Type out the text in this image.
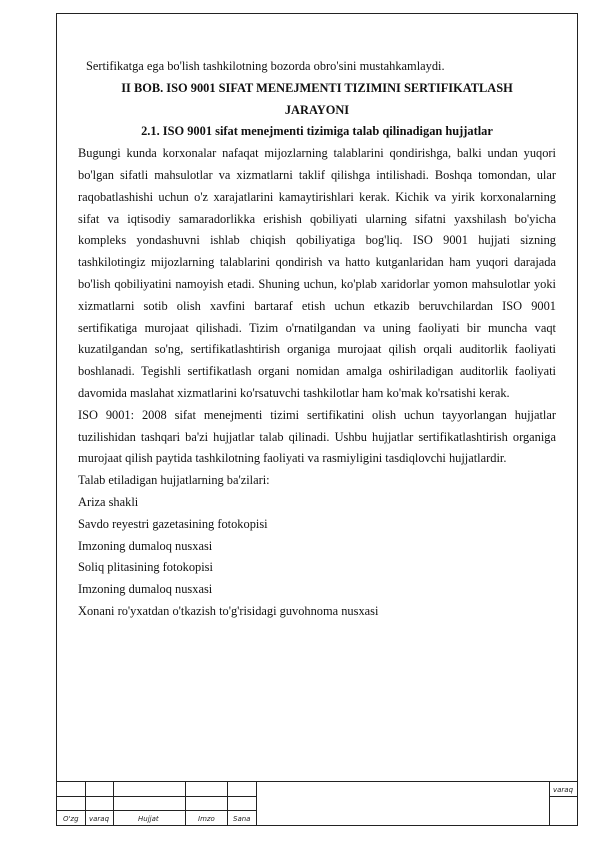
Sertifikatga ega bo'lish tashkilotning bozorda obro'sini mustahkamlaydi.
II BOB. ISO 9001 SIFAT MENEJMENTI TIZIMINI SERTIFIKATLASH
JARAYONI
2.1. ISO 9001 sifat menejmenti tizimiga talab qilinadigan hujjatlar

Bugungi kunda korxonalar nafaqat mijozlarning talablarini qondirishga, balki undan yuqori bo'lgan sifatli mahsulotlar va xizmatlarni taklif qilishga intilishadi. Boshqa tomondan, ular raqobatlashishi uchun o'z xarajatlarini kamaytirishlari kerak. Kichik va yirik korxonalarning sifat va iqtisodiy samaradorlikka erishish qobiliyati ularning sifatni yaxshilash bo'yicha kompleks yondashuvni ishlab chiqish qobiliyatiga bog'liq. ISO 9001 hujjati sizning tashkilotingiz mijozlarning talablarini qondirish va hatto kutganlaridan ham yuqori darajada bo'lish qobiliyatini namoyish etadi. Shuning uchun, ko'plab xaridorlar yomon mahsulotlar yoki xizmatlarni sotib olish xavfini bartaraf etish uchun etkazib beruvchilardan ISO 9001 sertifikatiga murojaat qilishadi. Tizim o'rnatilgandan va uning faoliyati bir muncha vaqt kuzatilgandan so'ng, sertifikatlashtirish organiga murojaat qilish orqali auditorlik faoliyati boshlanadi. Tegishli sertifikatlash organi nomidan amalga oshiriladigan auditorlik faoliyati davomida maslahat xizmatlarini ko'rsatuvchi tashkilotlar ham ko'mak ko'rsatishi kerak.

ISO 9001: 2008 sifat menejmenti tizimi sertifikatini olish uchun tayyorlangan hujjatlar tuzilishidan tashqari ba'zi hujjatlar talab qilinadi. Ushbu hujjatlar sertifikatlashtirish organiga murojaat qilish paytida tashkilotning faoliyati va rasmiyligini tasdiqlovchi hujjatlardir.

Talab etiladigan hujjatlarning ba'zilari:
Ariza shakli
Savdo reyestri gazetasining fotokopisi
Imzoning dumaloq nusxasi
Soliq plitasining fotokopisi
Imzoning dumaloq nusxasi
Xonani ro'yxatdan o'tkazish to'g'risidagi guvohnoma nusxasi
O'zg varaq	Hujjat	Imzo	Sana
varaq
